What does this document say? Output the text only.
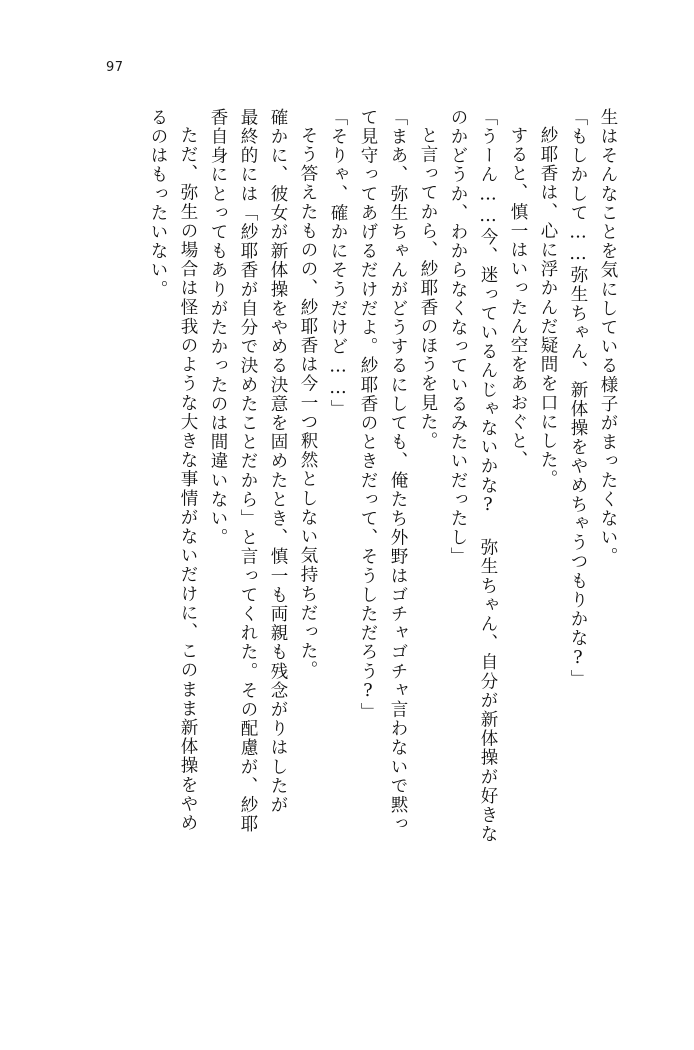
97
生はそんなことを気にしている様子がまったくない。
「もしかして……弥生ちゃん、新体操をやめちゃうつもりかな?」
紗耶香は、心に浮かんだ疑問を口にした。
すると、慎一はいったん空をあおぐと、
「うーん……今、迷っているんじゃないかな? 弥生ちゃん、自分が新体操が好きな
のかどうか、わからなくなっているみたいだったし」
と言ってから、紗耶香のほうを見た。
「まあ、弥生ちゃんがどうするにしても、俺たち外野はゴチャゴチャ言わないで黙っ
て見守ってあげるだけだよ。紗耶香のときだって、そうしただろう?」
「そりゃ、確かにそうだけど……」
そう答えたものの、紗耶香は今一つ釈然としない気持ちだった。
確かに、彼女が新体操をやめる決意を固めたとき、慎一も両親も残念がりはしたが
最終的には「紗耶香が自分で決めたことだから」と言ってくれた。その配慮が、紗耶
香自身にとってもありがたかったのは間違いない。
ただ、弥生の場合は怪我のような大きな事情がないだけに、このまま新体操をやめ
るのはもったいない。
